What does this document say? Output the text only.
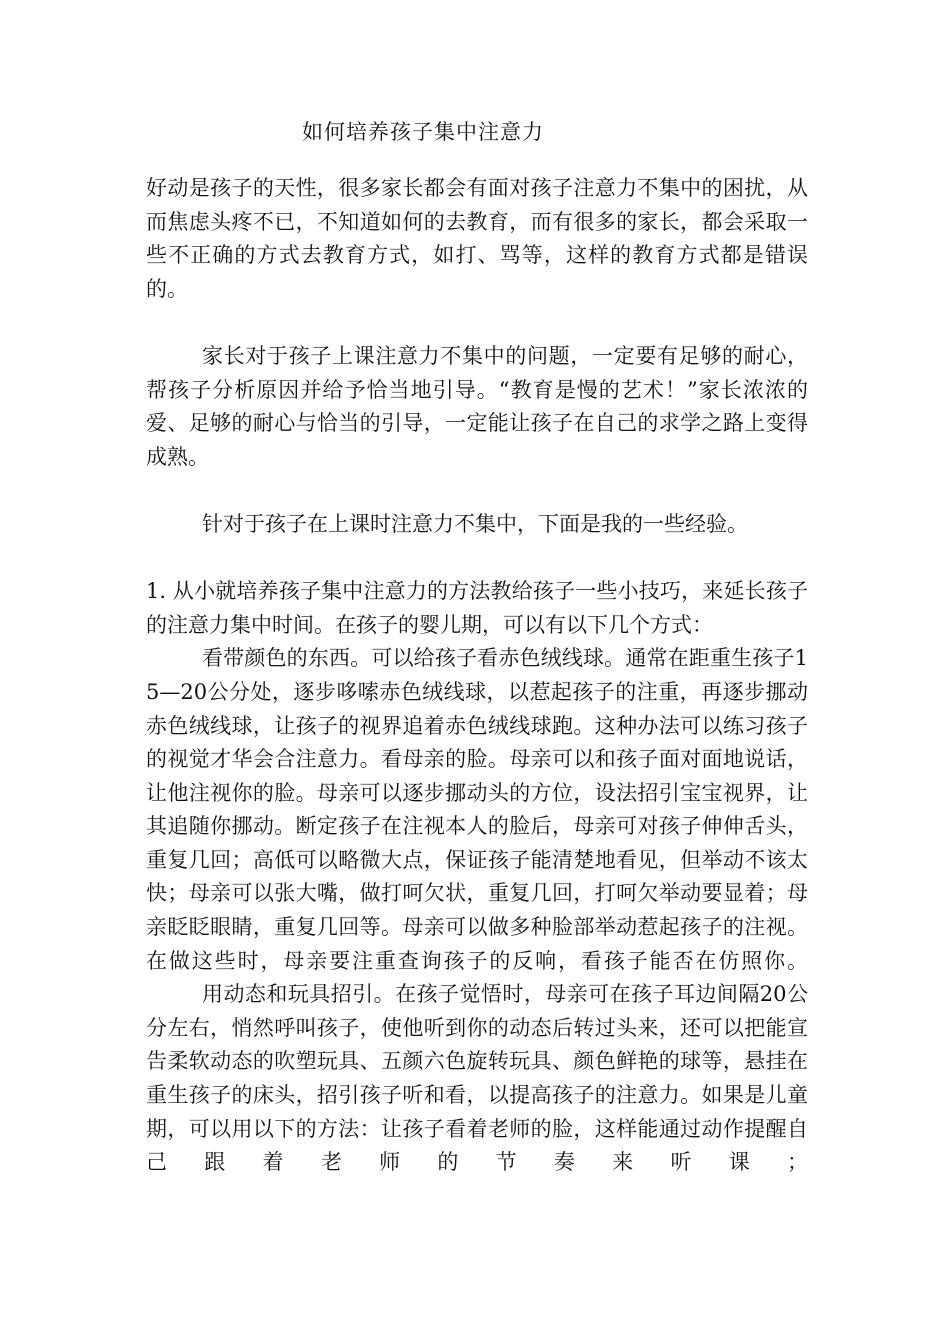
如何培养孩子集中注意力

好动是孩子的天性，很多家长都会有面对孩子注意力不集中的困扰，从而焦虑头疼不已，不知道如何的去教育，而有很多的家长，都会采取一些不正确的方式去教育方式，如打、骂等，这样的教育方式都是错误的。

家长对于孩子上课注意力不集中的问题，一定要有足够的耐心，帮孩子分析原因并给予恰当地引导。“教育是慢的艺术！”家长浓浓的爱、足够的耐心与恰当的引导，一定能让孩子在自己的求学之路上变得成熟。

针对于孩子在上课时注意力不集中，下面是我的一些经验。

1. 从小就培养孩子集中注意力的方法教给孩子一些小技巧，来延长孩子的注意力集中时间。在孩子的婴儿期，可以有以下几个方式：

看带颜色的东西。可以给孩子看赤色绒线球。通常在距重生孩子15—20公分处，逐步哆嗦赤色绒线球，以惹起孩子的注重，再逐步挪动赤色绒线球，让孩子的视界追着赤色绒线球跑。这种办法可以练习孩子的视觉才华会合注意力。看母亲的脸。母亲可以和孩子面对面地说话，让他注视你的脸。母亲可以逐步挪动头的方位，设法招引宝宝视界，让其追随你挪动。断定孩子在注视本人的脸后，母亲可对孩子伸伸舌头，重复几回；高低可以略微大点，保证孩子能清楚地看见，但举动不该太快；母亲可以张大嘴，做打呵欠状，重复几回，打呵欠举动要显着；母亲眨眨眼睛，重复几回等。母亲可以做多种脸部举动惹起孩子的注视。在做这些时，母亲要注重查询孩子的反响，看孩子能否在仿照你。

用动态和玩具招引。在孩子觉悟时，母亲可在孩子耳边间隔20公分左右，悄然呼叫孩子，使他听到你的动态后转过头来，还可以把能宣告柔软动态的吹塑玩具、五颜六色旋转玩具、颜色鲜艳的球等，悬挂在重生孩子的床头，招引孩子听和看，以提高孩子的注意力。如果是儿童期，可以用以下的方法：让孩子看着老师的脸，这样能通过动作提醒自己跟着老师的节奏来听课；
